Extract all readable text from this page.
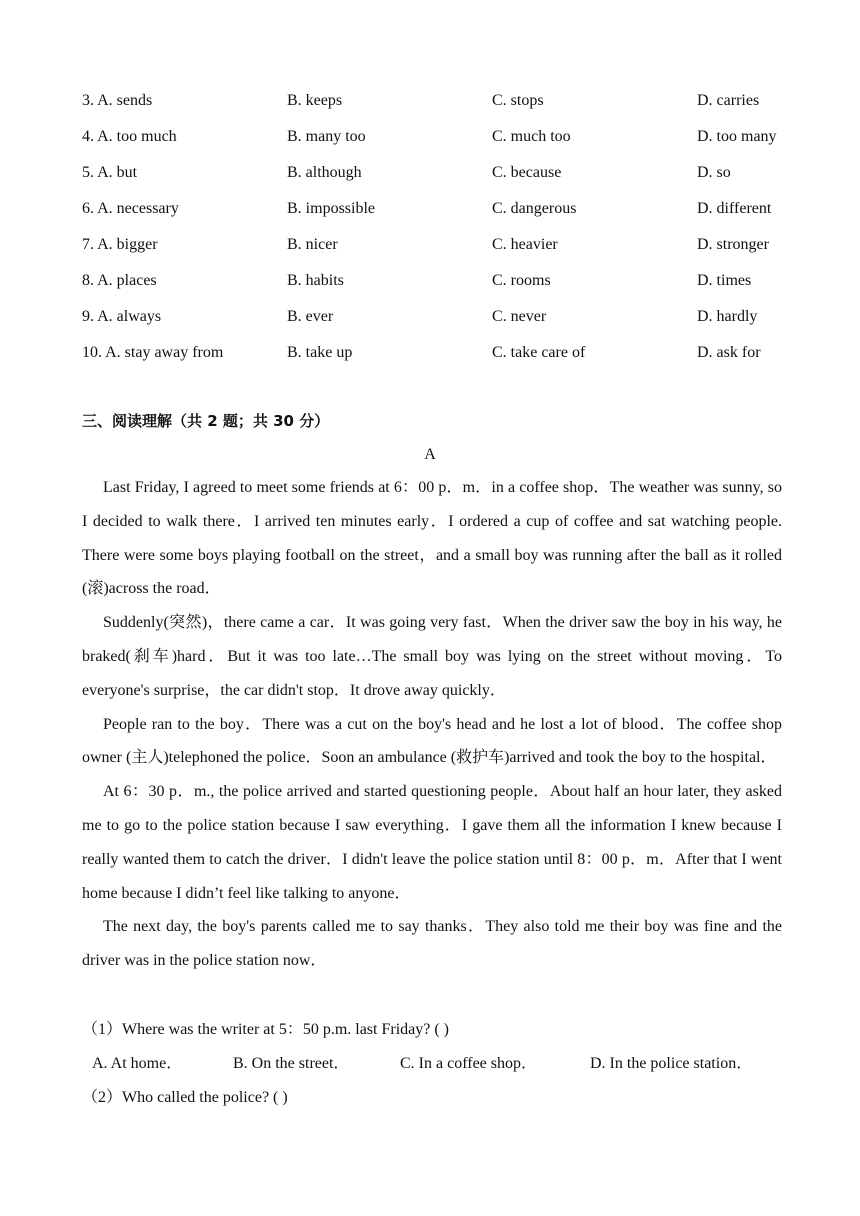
3. A. sends	B. keeps	C. stops	D. carries
4. A. too much	B. many too	C. much too	D. too many
5. A. but	B. although	C. because	D. so
6. A. necessary	B. impossible	C. dangerous	D. different
7. A. bigger	B. nicer	C. heavier	D. stronger
8. A. places	B. habits	C. rooms	D. times
9. A. always	B. ever	C. never	D. hardly
10. A. stay away from	B. take up	C. take care of	D. ask for
三、阅读理解（共 2 题；共 30 分）
A

Last Friday, I agreed to meet some friends at 6：00 p．m．in a coffee shop．The weather was sunny, so I decided to walk there．I arrived ten minutes early．I ordered a cup of coffee and sat watching people. There were some boys playing football on the street，and a small boy was running after the ball as it rolled (滚)across the road．

Suddenly(突然)，there came a car．It was going very fast．When the driver saw the boy in his way, he braked(刹车)hard．But it was too late…The small boy was lying on the street without moving．To everyone's surprise，the car didn't stop．It drove away quickly．

People ran to the boy．There was a cut on the boy's head and he lost a lot of blood．The coffee shop owner (主人)telephoned the police．Soon an ambulance (救护车)arrived and took the boy to the hospital．

At 6：30 p．m., the police arrived and started questioning people．About half an hour later, they asked me to go to the police station because I saw everything．I gave them all the information I knew because I really wanted them to catch the driver．I didn't leave the police station until 8：00 p．m．After that I went home because I didn’t feel like talking to anyone．

The next day, the boy's parents called me to say thanks．They also told me their boy was fine and the driver was in the police station now．

（1）Where was the writer at 5：50 p.m. last Friday? ( )
A. At home．	B. On the street．	C. In a coffee shop．	D. In the police station．
（2）Who called the police? ( )
